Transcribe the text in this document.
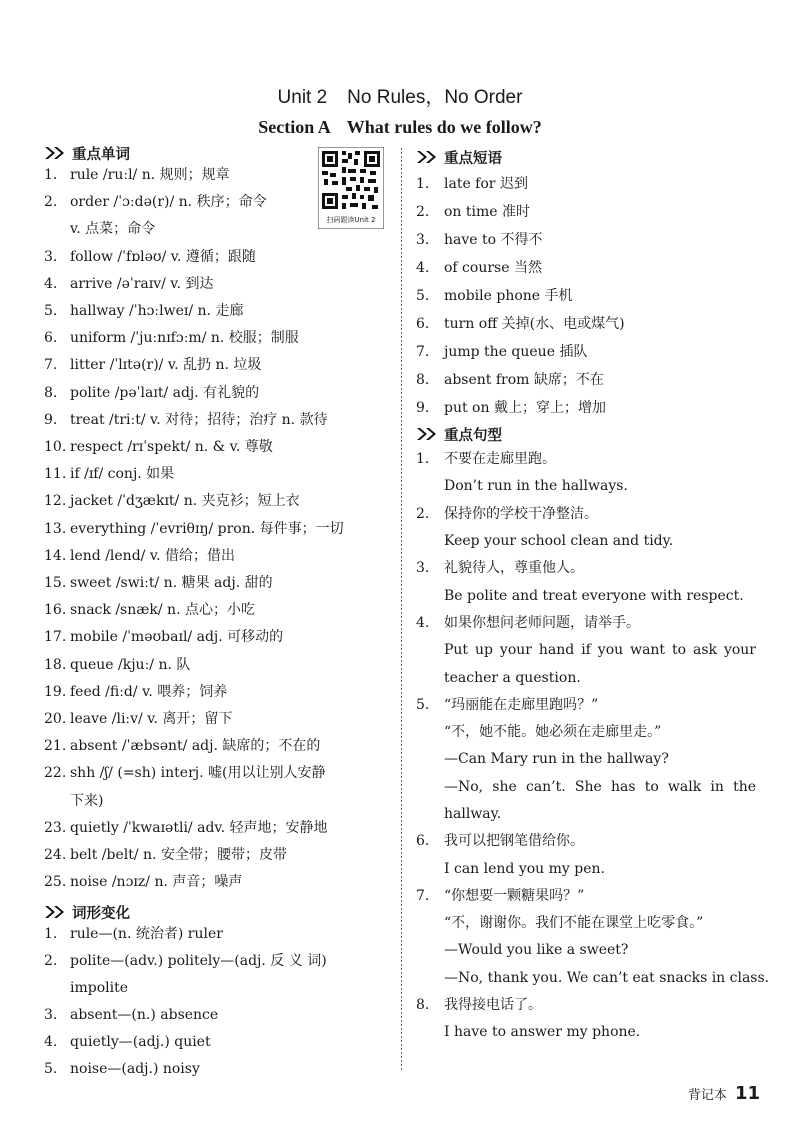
Unit 2 No Rules，No Order
Section A What rules do we follow?
扫码跟读Unit 2
重点单词
1. rule /ruːl/ n. 规则；规章
2. order /ˈɔːdə(r)/ n. 秩序；命令
v. 点菜；命令
3. follow /ˈfɒləʊ/ v. 遵循；跟随
4. arrive /əˈraɪv/ v. 到达
5. hallway /ˈhɔːlweɪ/ n. 走廊
6. uniform /ˈjuːnɪfɔːm/ n. 校服；制服
7. litter /ˈlɪtə(r)/ v. 乱扔 n. 垃圾
8. polite /pəˈlaɪt/ adj. 有礼貌的
9. treat /triːt/ v. 对待；招待；治疗 n. 款待
10. respect /rɪˈspekt/ n. & v. 尊敬
11. if /ɪf/ conj. 如果
12. jacket /ˈdʒækɪt/ n. 夹克衫；短上衣
13. everything /ˈevriθɪŋ/ pron. 每件事；一切
14. lend /lend/ v. 借给；借出
15. sweet /swiːt/ n. 糖果 adj. 甜的
16. snack /snæk/ n. 点心；小吃
17. mobile /ˈməʊbaɪl/ adj. 可移动的
18. queue /kjuː/ n. 队
19. feed /fiːd/ v. 喂养；饲养
20. leave /liːv/ v. 离开；留下
21. absent /ˈæbsənt/ adj. 缺席的；不在的
22. shh /ʃ/ (=sh) interj. 嘘(用以让别人安静
下来)
23. quietly /ˈkwaɪətli/ adv. 轻声地；安静地
24. belt /belt/ n. 安全带；腰带；皮带
25. noise /nɔɪz/ n. 声音；噪声
词形变化
1. rule—(n. 统治者) ruler
2. polite—(adv.) politely—(adj. 反 义 词)
impolite
3. absent—(n.) absence
4. quietly—(adj.) quiet
5. noise—(adj.) noisy
重点短语
1.	late for 迟到
2.	on time 准时
3.	have to 不得不
4.	of course 当然
5.	mobile phone 手机
6.	turn off 关掉(水、电或煤气)
7.	jump the queue 插队
8.	absent from 缺席；不在
9.	put on 戴上；穿上；增加
重点句型
1.	不要在走廊里跑。
Don’t run in the hallways.
2.	保持你的学校干净整洁。
Keep your school clean and tidy.
3.	礼貌待人，尊重他人。
Be polite and treat everyone with respect.
4.	如果你想问老师问题，请举手。
Put up your hand if you want to ask your teacher a question.
5.	“玛丽能在走廊里跑吗？”
“不，她不能。她必须在走廊里走。”
—Can Mary run in the hallway?
—No, she can’t. She has to walk in the hallway.
6.	我可以把钢笔借给你。
I can lend you my pen.
7.	“你想要一颗糖果吗？”
“不，谢谢你。我们不能在课堂上吃零食。”
—Would you like a sweet?
—No, thank you. We can’t eat snacks in class.
8.	我得接电话了。
I have to answer my phone.
背记本 11
